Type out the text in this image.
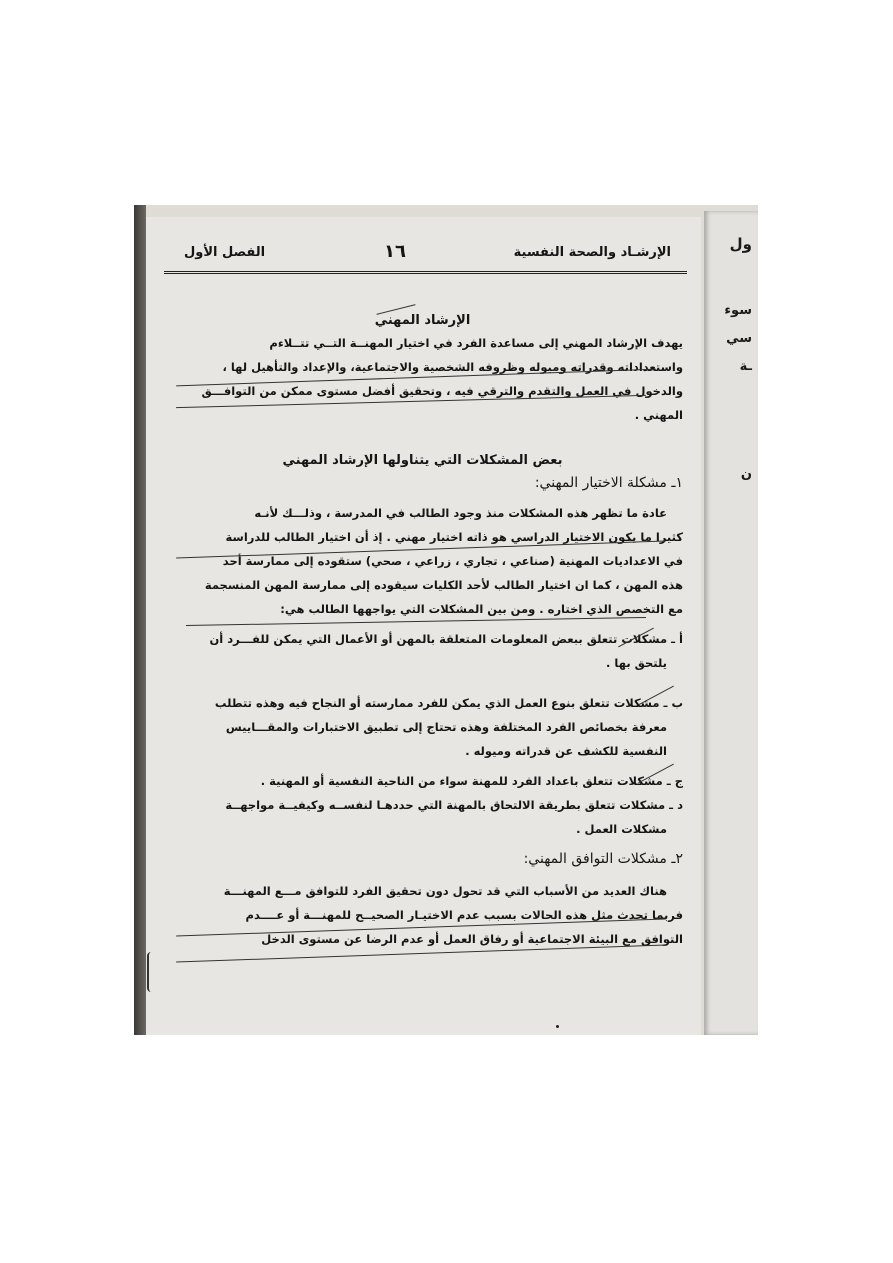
الإرشـاد والصحة النفسية
١٦
الفصل الأول
الإرشاد المهني
يهدف الإرشاد المهني إلى مساعدة الفرد في اختيار المهنــة التــي تتــلاءم
واستعداداته وقدراته وميوله وظروفه الشخصية والاجتماعية، والإعداد والتأهيل لها ،
والدخول في العمل والتقدم والترقي فيه ، وتحقيق أفضل مستوى ممكن من التوافـــق
المهني .
بعض المشكلات التي يتناولها الإرشاد المهني
١ـ مشكلة الاختيار المهني:
عادة ما تظهر هذه المشكلات منذ وجود الطالب في المدرسة ، وذلـــك لأنـه
كثيرا ما يكون الاختيار الدراسي هو ذاته اختيار مهني . إذ أن اختيار الطالب للدراسة
في الاعداديات المهنية (صناعي ، تجاري ، زراعي ، صحي) ستقوده إلى ممارسة أحد
هذه المهن ، كما ان اختيار الطالب لأحد الكليات سيقوده إلى ممارسة المهن المنسجمة
مع التخصص الذي اختاره . ومن بين المشكلات التي يواجهها الطالب هي:
أ ـ مشكلات تتعلق ببعض المعلومات المتعلقة بالمهن أو الأعمال التي يمكن للفـــرد أن
يلتحق بها .
ب ـ مشكلات تتعلق بنوع العمل الذي يمكن للفرد ممارسته أو النجاح فيه وهذه تتطلب
معرفة بخصائص الفرد المختلفة وهذه تحتاج إلى تطبيق الاختبارات والمقـــاييس
النفسية للكشف عن قدراته وميوله .
ج ـ مشكلات تتعلق باعداد الفرد للمهنة سواء من الناحية النفسية أو المهنية .
د ـ مشكلات تتعلق بطريقة الالتحاق بالمهنة التي حددهـا لنفســه وكيفيــة مواجهــة
مشكلات العمل .
٢ـ مشكلات التوافق المهني:
هناك العديد من الأسباب التي قد تحول دون تحقيق الفرد للتوافق مـــع المهنـــة
فربما تحدث مثل هذه الحالات بسبب عدم الاختيـار الصحيــح للمهنـــة أو عــــدم
التوافق مع البيئة الاجتماعية أو رفاق العمل أو عدم الرضا عن مستوى الدخل
ول
سوء
سي
ـة
ن
